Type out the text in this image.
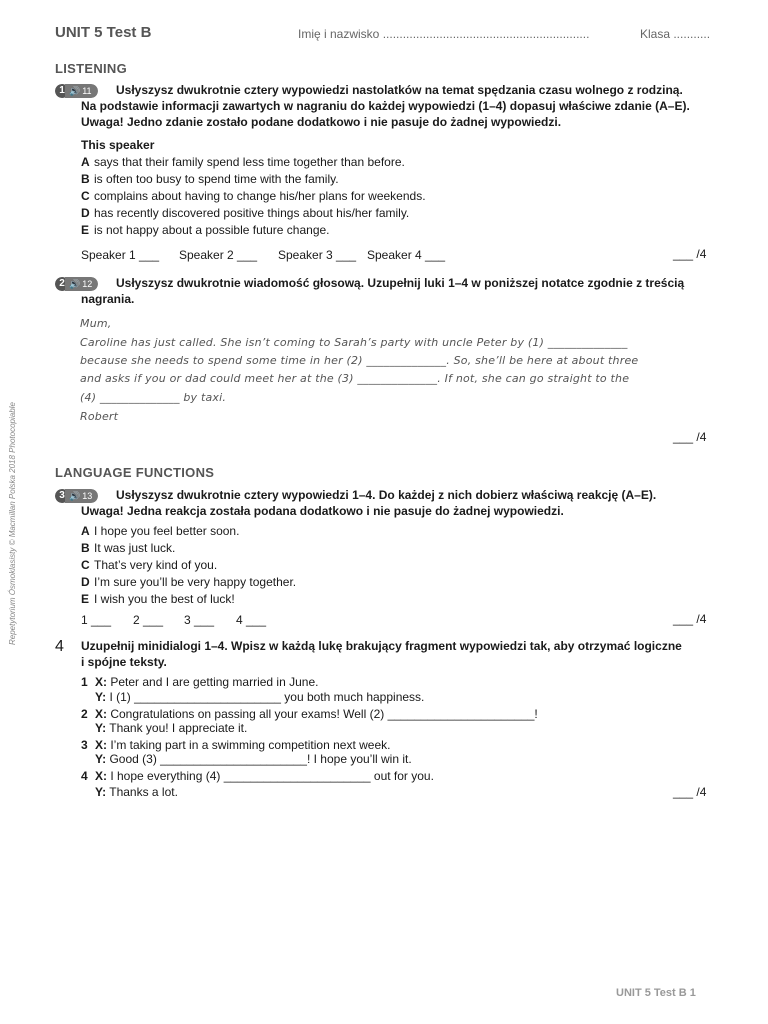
UNIT 5 Test B	Imię i nazwisko ..............................................................	Klasa ...........
LISTENING
1 🔊 11 Usłyszysz dwukrotnie cztery wypowiedzi nastolatków na temat spędzania czasu wolnego z rodziną.
Na podstawie informacji zawartych w nagraniu do każdej wypowiedzi (1–4) dopasuj właściwe zdanie (A–E).
Uwaga! Jedno zdanie zostało podane dodatkowo i nie pasuje do żadnej wypowiedzi.
This speaker
A says that their family spend less time together than before.
B is often too busy to spend time with the family.
C complains about having to change his/her plans for weekends.
D has recently discovered positive things about his/her family.
E is not happy about a possible future change.
Speaker 1 ___ Speaker 2 ___ Speaker 3 ___ Speaker 4 ___	___ /4
2 🔊 12 Usłyszysz dwukrotnie wiadomość głosową. Uzupełnij luki 1–4 w poniższej notatce zgodnie z treścią
nagrania.
Mum,
Caroline has just called. She isn’t coming to Sarah’s party with uncle Peter by (1) ______________
because she needs to spend some time in her (2) ______________. So, she’ll be here at about three
and asks if you or dad could meet her at the (3) ______________. If not, she can go straight to the
(4) ______________ by taxi.
Robert
___ /4
LANGUAGE FUNCTIONS
3 🔊 13 Usłyszysz dwukrotnie cztery wypowiedzi 1–4. Do każdej z nich dobierz właściwą reakcję (A–E).
Uwaga! Jedna reakcja została podana dodatkowo i nie pasuje do żadnej wypowiedzi.
A I hope you feel better soon.
B It was just luck.
C That’s very kind of you.
D I’m sure you’ll be very happy together.
E I wish you the best of luck!
1 ___ 2 ___ 3 ___ 4 ___	___ /4
4 Uzupełnij minidialogi 1–4. Wpisz w każdą lukę brakujący fragment wypowiedzi tak, aby otrzymać logiczne
i spójne teksty.
1 X: Peter and I are getting married in June.
Y: I (1) ______________________ you both much happiness.
2 X: Congratulations on passing all your exams! Well (2) ______________________!
Y: Thank you! I appreciate it.
3 X: I’m taking part in a swimming competition next week.
Y: Good (3) ______________________! I hope you’ll win it.
4 X: I hope everything (4) ______________________ out for you.
Y: Thanks a lot.	___ /4
Repetytorium Ósmoklasisty © Macmillan Polska 2018 Photocopiable
UNIT 5 Test B 1
